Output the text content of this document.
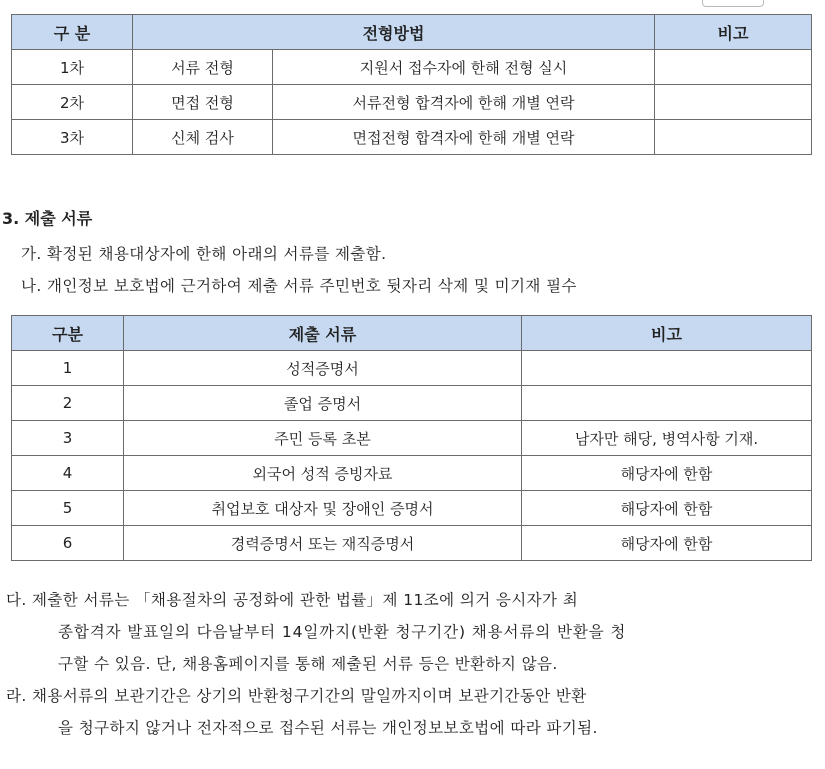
구 분	전형방법		비고
1차	서류 전형	지원서 접수자에 한해 전형 실시	
2차	면접 전형	서류전형 합격자에 한해 개별 연락	
3차	신체 검사	면접전형 합격자에 한해 개별 연락	
3. 제출 서류

가. 확정된 채용대상자에 한해 아래의 서류를 제출함.

나. 개인정보 보호법에 근거하여 제출 서류 주민번호 뒷자리 삭제 및 미기재 필수

구분	제출 서류	비고
1	성적증명서	
2	졸업 증명서	
3	주민 등록 초본	남자만 해당, 병역사항 기재.
4	외국어 성적 증빙자료	해당자에 한함
5	취업보호 대상자 및 장애인 증명서	해당자에 한함
6	경력증명서 또는 재직증명서	해당자에 한함

다. 제출한 서류는 「채용절차의 공정화에 관한 법률」제 11조에 의거 응시자가 최

종합격자 발표일의 다음날부터 14일까지(반환 청구기간) 채용서류의 반환을 청

구할 수 있음. 단, 채용홈페이지를 통해 제출된 서류 등은 반환하지 않음.

라. 채용서류의 보관기간은 상기의 반환청구기간의 말일까지이며 보관기간동안 반환

을 청구하지 않거나 전자적으로 접수된 서류는 개인정보보호법에 따라 파기됨.
